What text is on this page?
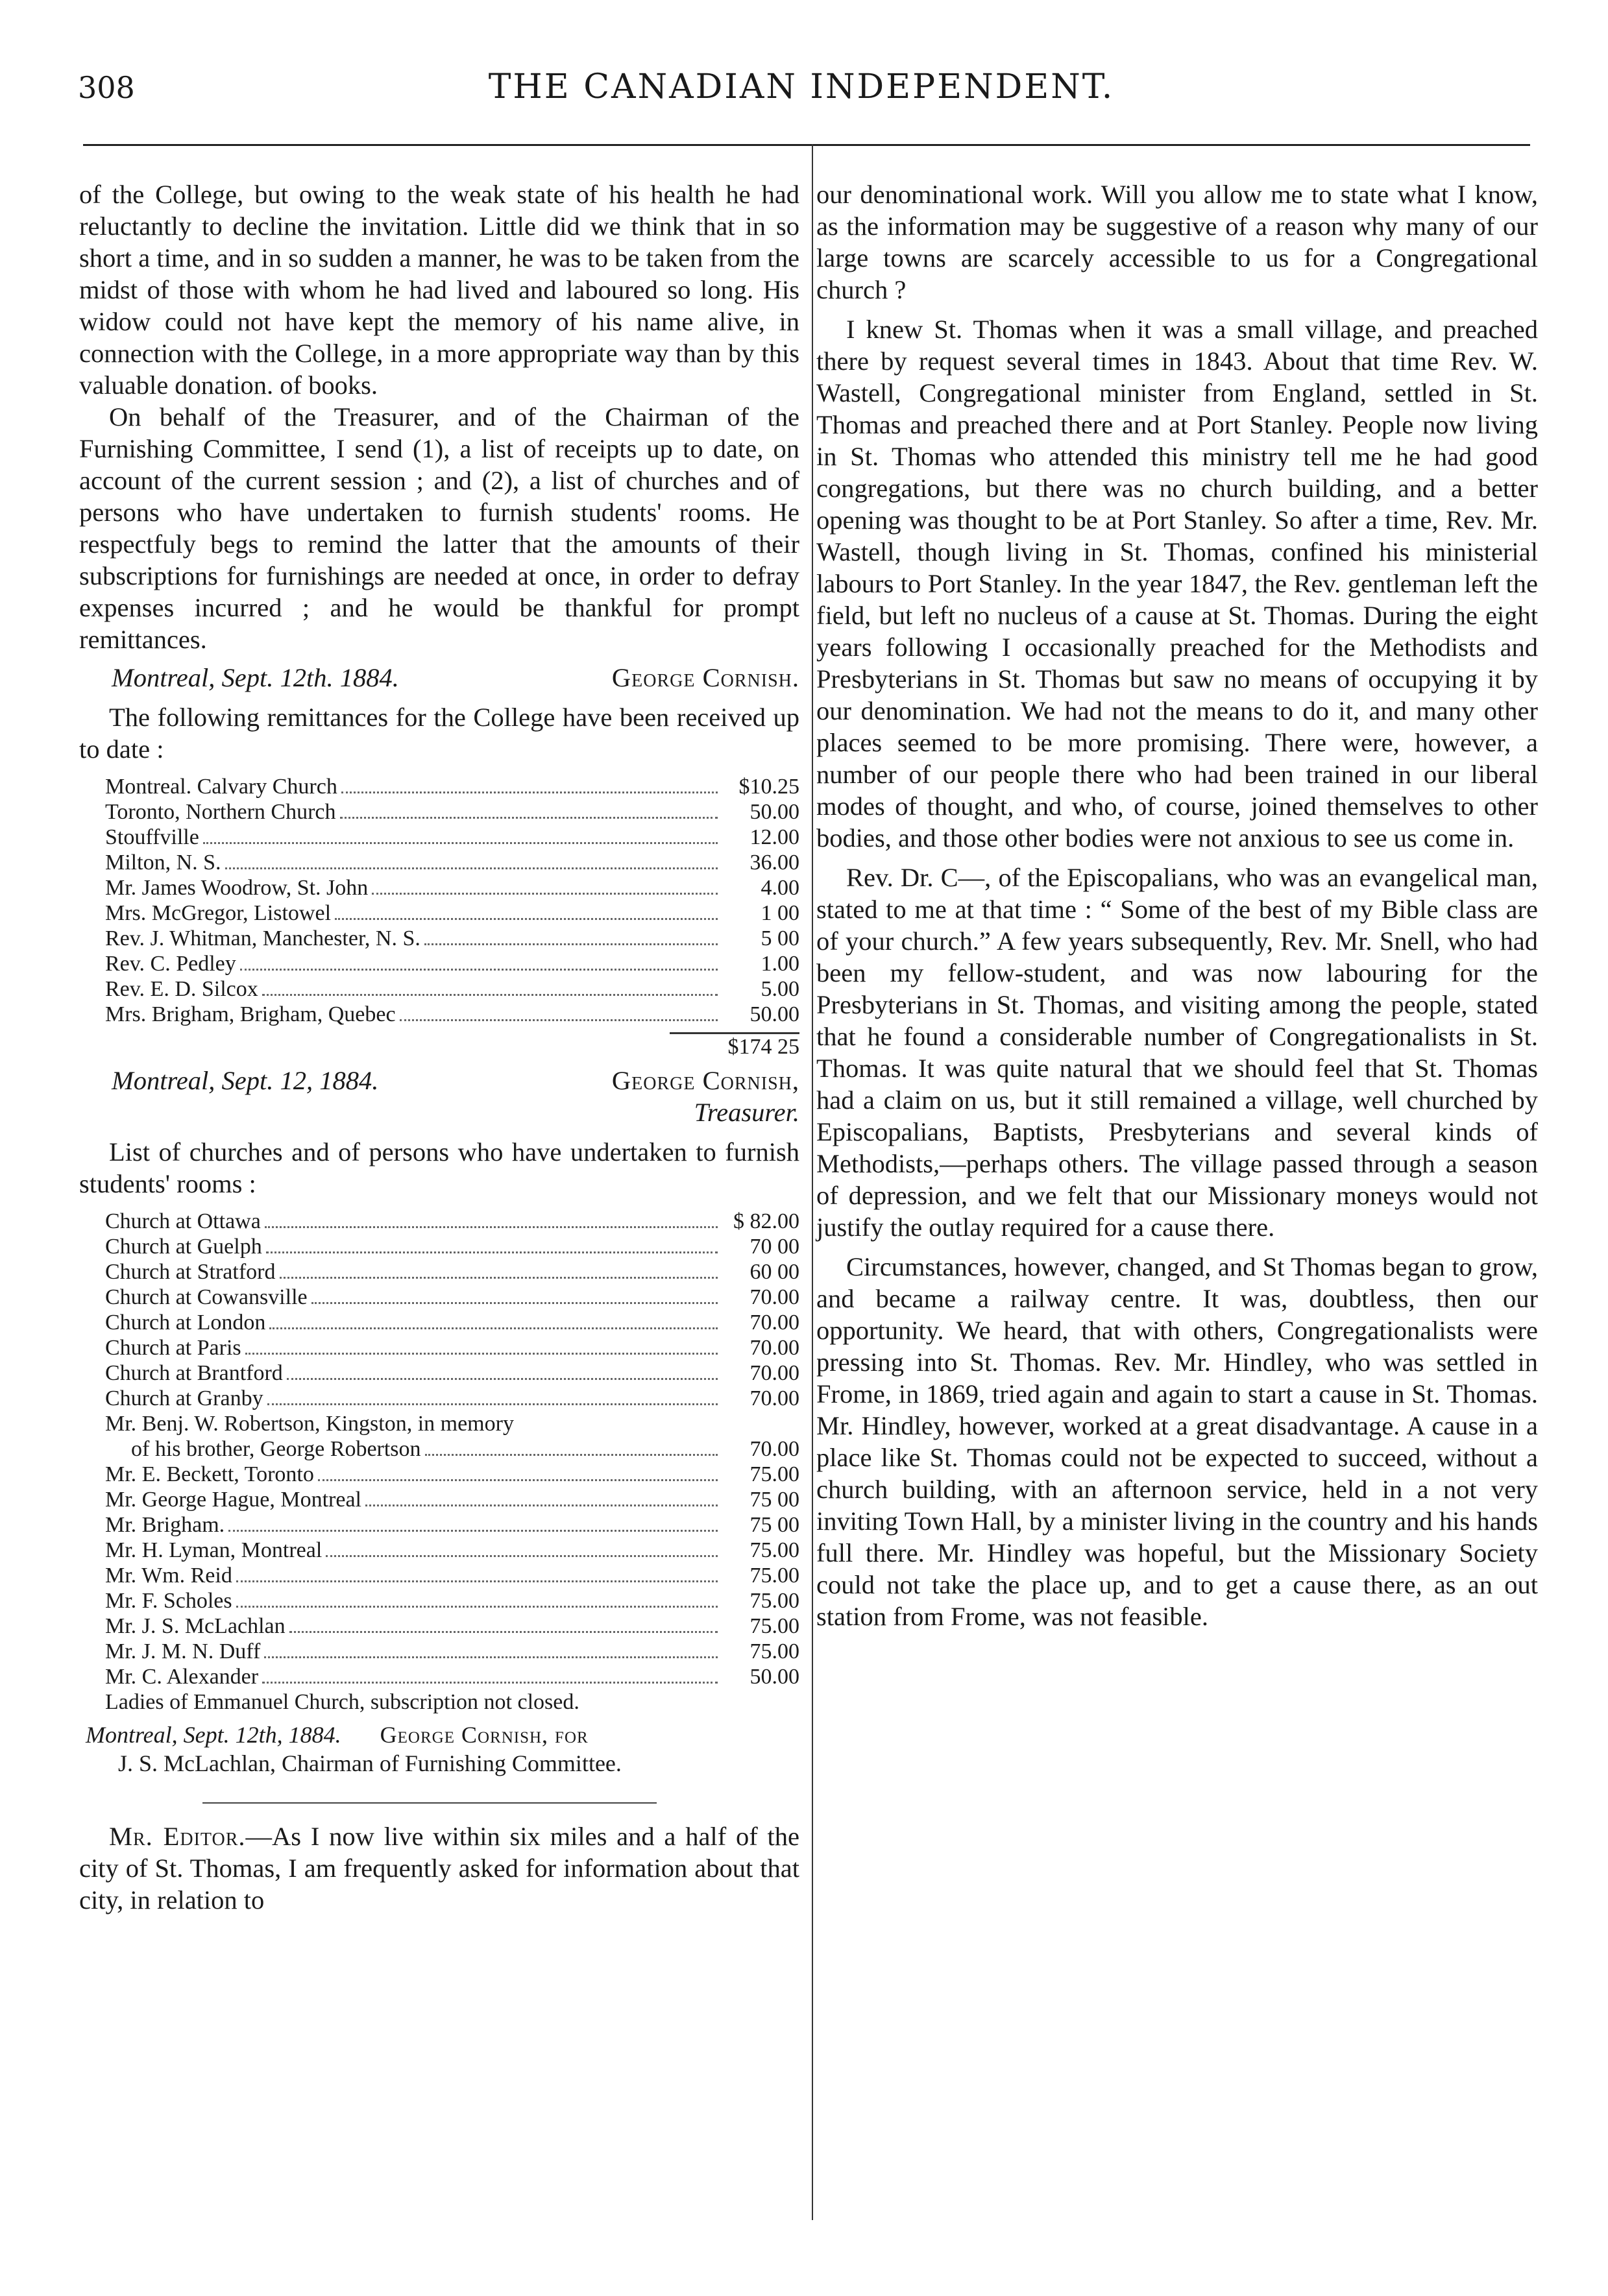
308	THE CANADIAN INDEPENDENT.

of the College, but owing to the weak state of his health he had reluctantly to decline the invitation. Little did we think that in so short a time, and in so sudden a manner, he was to be taken from the midst of those with whom he had lived and laboured so long. His widow could not have kept the memory of his name alive, in connection with the College, in a more appropriate way than by this valuable donation. of books.

On behalf of the Treasurer, and of the Chairman of the Furnishing Committee, I send (1), a list of receipts up to date, on account of the current session ; and (2), a list of churches and of persons who have undertaken to furnish students' rooms. He respectfuly begs to remind the latter that the amounts of their subscriptions for furnishings are needed at once, in order to defray expenses incurred ; and he would be thankful for prompt remittances.

Montreal, Sept. 12th. 1884.	George Cornish.

The following remittances for the College have been received up to date :

Montreal. Calvary Church	$10.25
Toronto, Northern Church	50.00
Stouffville	12.00
Milton, N. S.	36.00
Mr. James Woodrow, St. John	4.00
Mrs. McGregor, Listowel	1 00
Rev. J. Whitman, Manchester, N. S.	5 00
Rev. C. Pedley	1.00
Rev. E. D. Silcox	5.00
Mrs. Brigham, Brigham, Quebec	50.00
$174 25
Montreal, Sept. 12, 1884.	George Cornish,
Treasurer.

List of churches and of persons who have undertaken to furnish students' rooms :

Church at Ottawa	$ 82.00
Church at Guelph	70 00
Church at Stratford	60 00
Church at Cowansville	70.00
Church at London	70.00
Church at Paris	70.00
Church at Brantford	70.00
Church at Granby	70.00
Mr. Benj. W. Robertson, Kingston, in memory
of his brother, George Robertson	70.00
Mr. E. Beckett, Toronto	75.00
Mr. George Hague, Montreal	75 00
Mr. Brigham.	75 00
Mr. H. Lyman, Montreal	75.00
Mr. Wm. Reid	75.00
Mr. F. Scholes	75.00
Mr. J. S. McLachlan	75.00
Mr. J. M. N. Duff	75.00
Mr. C. Alexander	50.00
Ladies of Emmanuel Church, subscription not closed.
Montreal, Sept. 12th, 1884. George Cornish, for
J. S. McLachlan, Chairman of Furnishing Committee.

Mr. Editor.—As I now live within six miles and a half of the city of St. Thomas, I am frequently asked for information about that city, in relation to

our denominational work. Will you allow me to state what I know, as the information may be suggestive of a reason why many of our large towns are scarcely accessible to us for a Congregational church ?

I knew St. Thomas when it was a small village, and preached there by request several times in 1843. About that time Rev. W. Wastell, Congregational minister from England, settled in St. Thomas and preached there and at Port Stanley. People now living in St. Thomas who attended this ministry tell me he had good congregations, but there was no church building, and a better opening was thought to be at Port Stanley. So after a time, Rev. Mr. Wastell, though living in St. Thomas, confined his ministerial labours to Port Stanley. In the year 1847, the Rev. gentleman left the field, but left no nucleus of a cause at St. Thomas. During the eight years following I occasionally preached for the Methodists and Presbyterians in St. Thomas but saw no means of occupying it by our denomination. We had not the means to do it, and many other places seemed to be more promising. There were, however, a number of our people there who had been trained in our liberal modes of thought, and who, of course, joined themselves to other bodies, and those other bodies were not anxious to see us come in.

Rev. Dr. C—, of the Episcopalians, who was an evangelical man, stated to me at that time : “ Some of the best of my Bible class are of your church.” A few years subsequently, Rev. Mr. Snell, who had been my fellow-student, and was now labouring for the Presbyterians in St. Thomas, and visiting among the people, stated that he found a considerable number of Congregationalists in St. Thomas. It was quite natural that we should feel that St. Thomas had a claim on us, but it still remained a village, well churched by Episcopalians, Baptists, Presbyterians and several kinds of Methodists,—perhaps others. The village passed through a season of depression, and we felt that our Missionary moneys would not justify the outlay required for a cause there.

Circumstances, however, changed, and St Thomas began to grow, and became a railway centre. It was, doubtless, then our opportunity. We heard, that with others, Congregationalists were pressing into St. Thomas. Rev. Mr. Hindley, who was settled in Frome, in 1869, tried again and again to start a cause in St. Thomas. Mr. Hindley, however, worked at a great disadvantage. A cause in a place like St. Thomas could not be expected to succeed, without a church building, with an afternoon service, held in a not very inviting Town Hall, by a minister living in the country and his hands full there. Mr. Hindley was hopeful, but the Missionary Society could not take the place up, and to get a cause there, as an out station from Frome, was not feasible.
